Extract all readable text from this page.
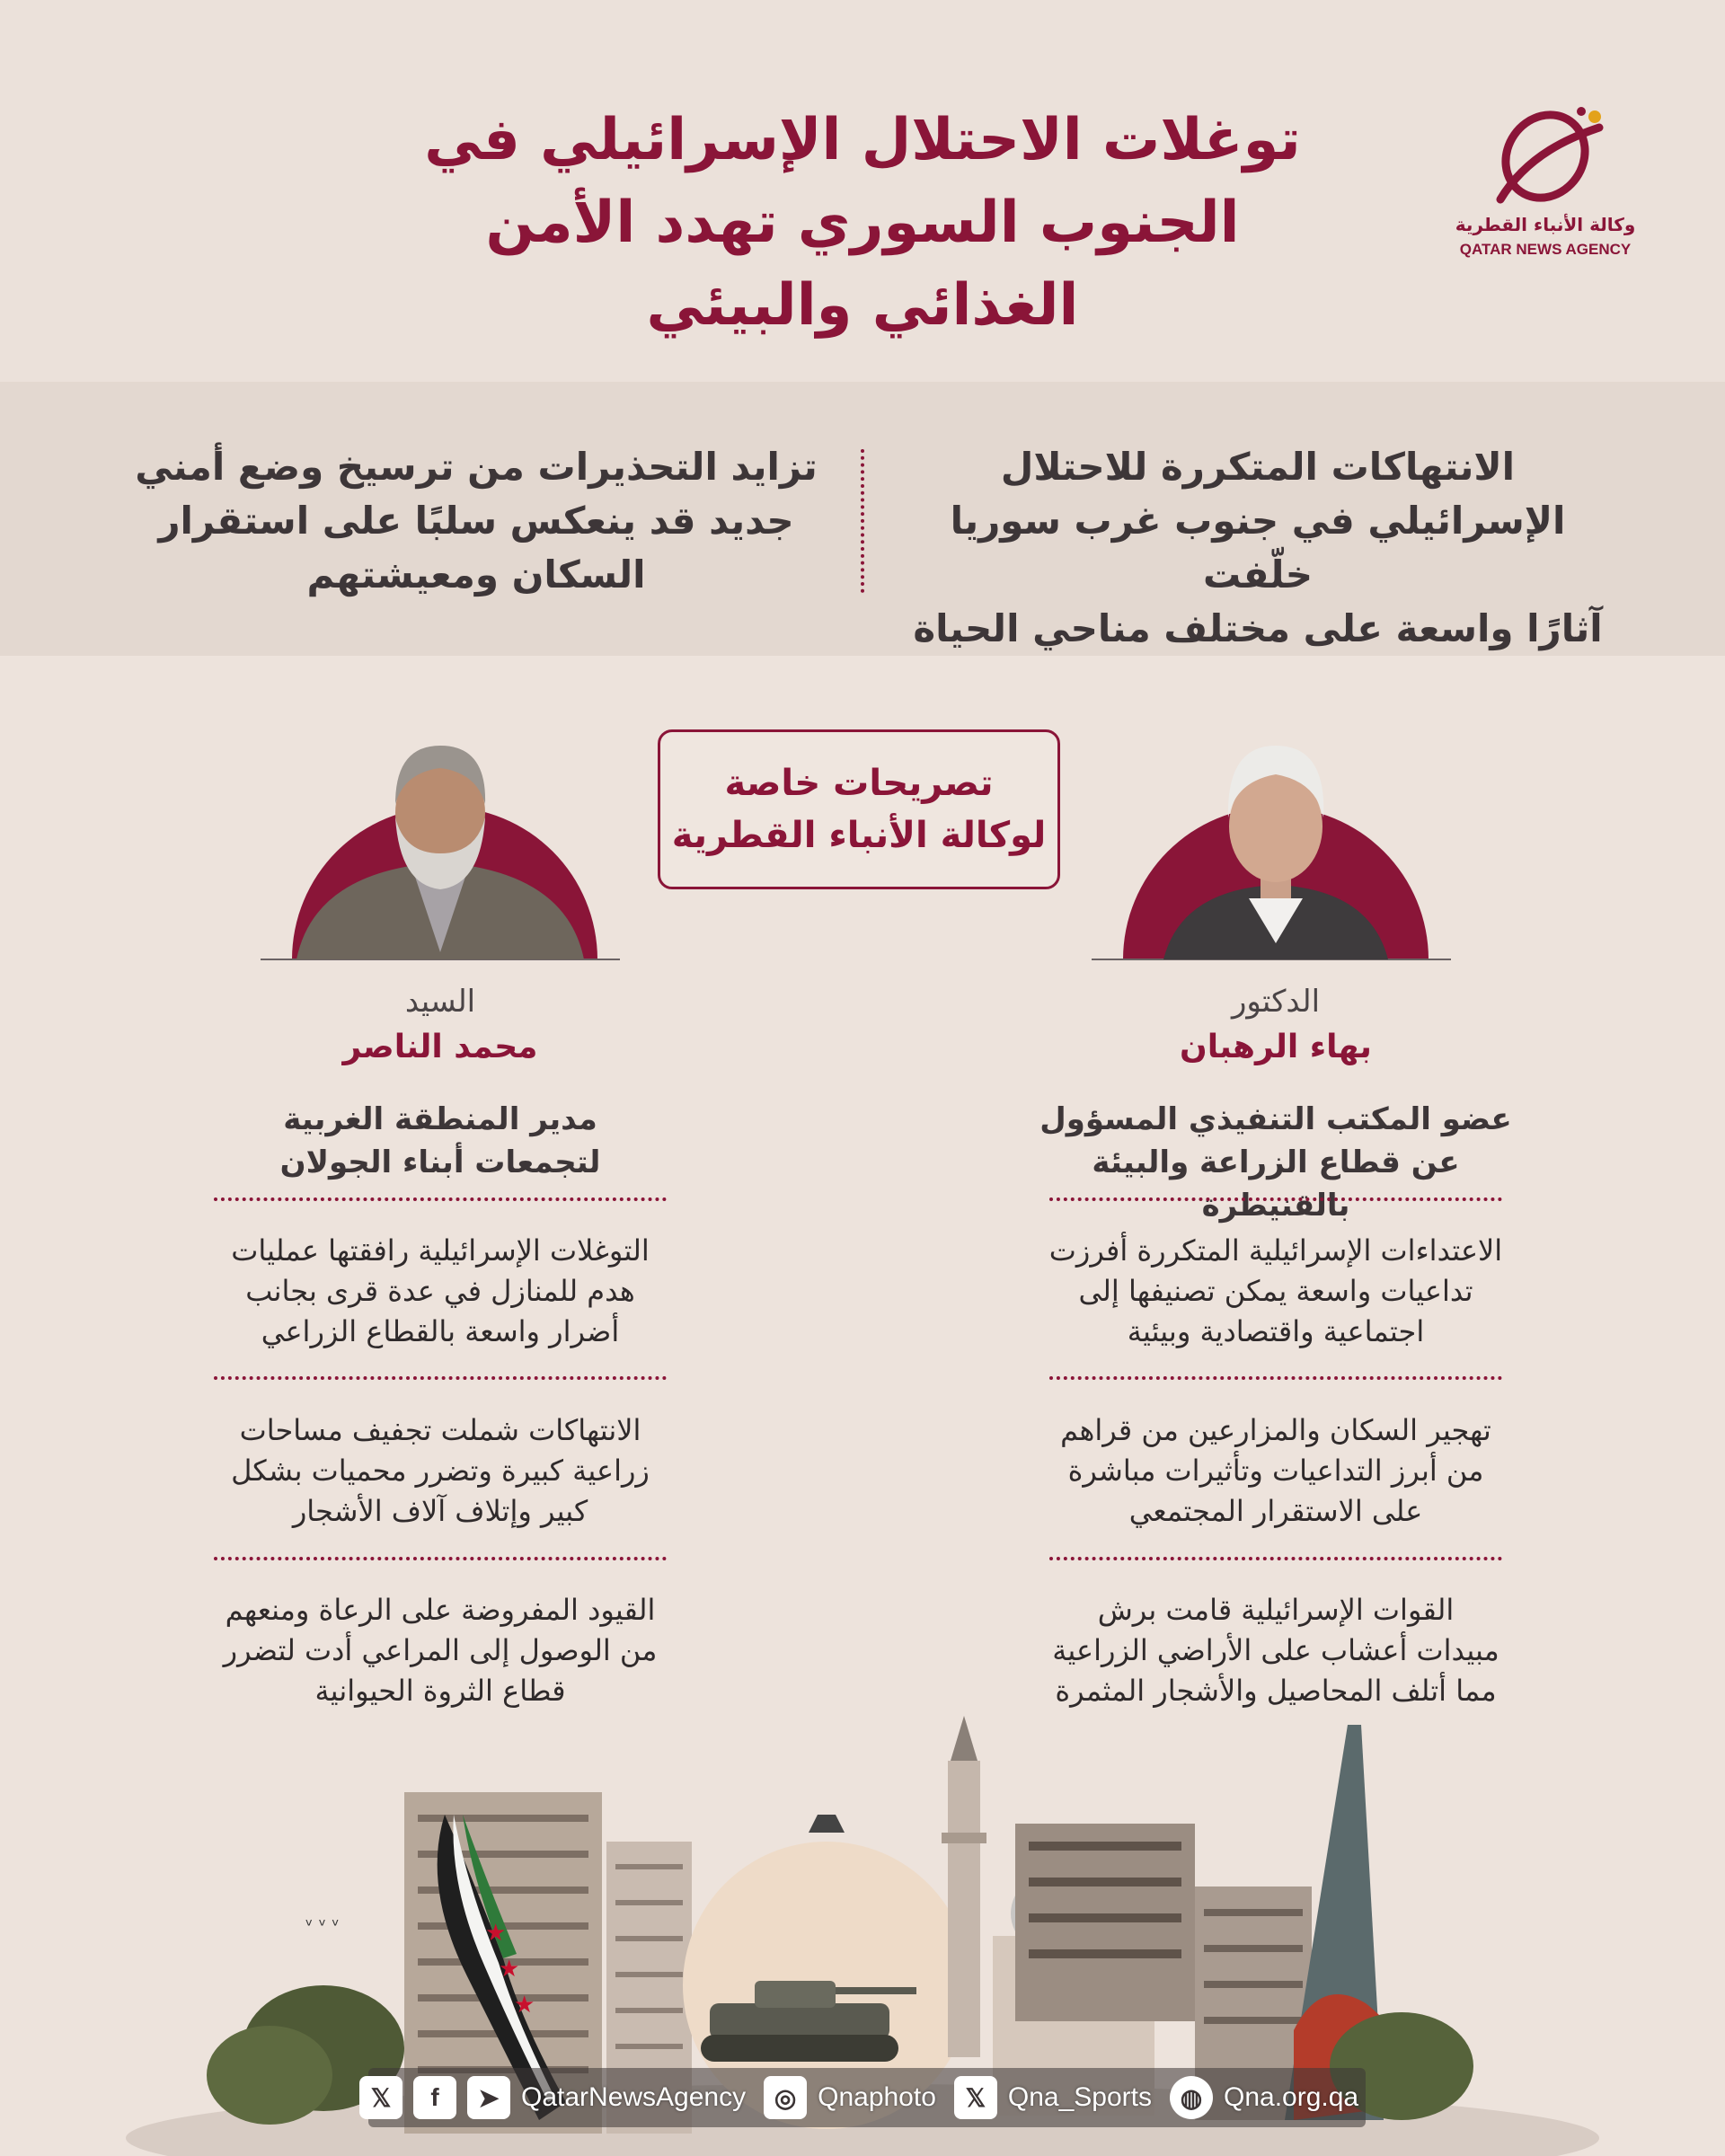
توغلات الاحتلال الإسرائيلي في
الجنوب السوري تهدد الأمن
الغذائي والبيئي
وكالة الأنباء القطرية
QATAR NEWS AGENCY
الانتهاكات المتكررة للاحتلال
الإسرائيلي في جنوب غرب سوريا خلّفت
آثارًا واسعة على مختلف مناحي الحياة
تزايد التحذيرات من ترسيخ وضع أمني
جديد قد ينعكس سلبًا على استقرار
السكان ومعيشتهم
تصريحات خاصة
لوكالة الأنباء القطرية
الدكتور
بهاء الرهبان
عضو المكتب التنفيذي المسؤول
عن قطاع الزراعة والبيئة بالقنيطرة
الاعتداءات الإسرائيلية المتكررة أفرزت
تداعيات واسعة يمكن تصنيفها إلى
اجتماعية واقتصادية وبيئية
تهجير السكان والمزارعين من قراهم
من أبرز التداعيات وتأثيرات مباشرة
على الاستقرار المجتمعي
القوات الإسرائيلية قامت برش
مبيدات أعشاب على الأراضي الزراعية
مما أتلف المحاصيل والأشجار المثمرة
السيد
محمد الناصر
مدير المنطقة الغربية
لتجمعات أبناء الجولان
التوغلات الإسرائيلية رافقتها عمليات
هدم للمنازل في عدة قرى بجانب
أضرار واسعة بالقطاع الزراعي
الانتهاكات شملت تجفيف مساحات
زراعية كبيرة وتضرر محميات بشكل
كبير وإتلاف آلاف الأشجار
القيود المفروضة على الرعاة ومنعهم
من الوصول إلى المراعي أدت لتضرر
قطاع الثروة الحيوانية
★
★
★
ᵛ ᵛ ᵛ
𝕏	f	➤ QatarNewsAgency	◎ Qnaphoto	𝕏 Qna_Sports	◍ Qna.org.qa
